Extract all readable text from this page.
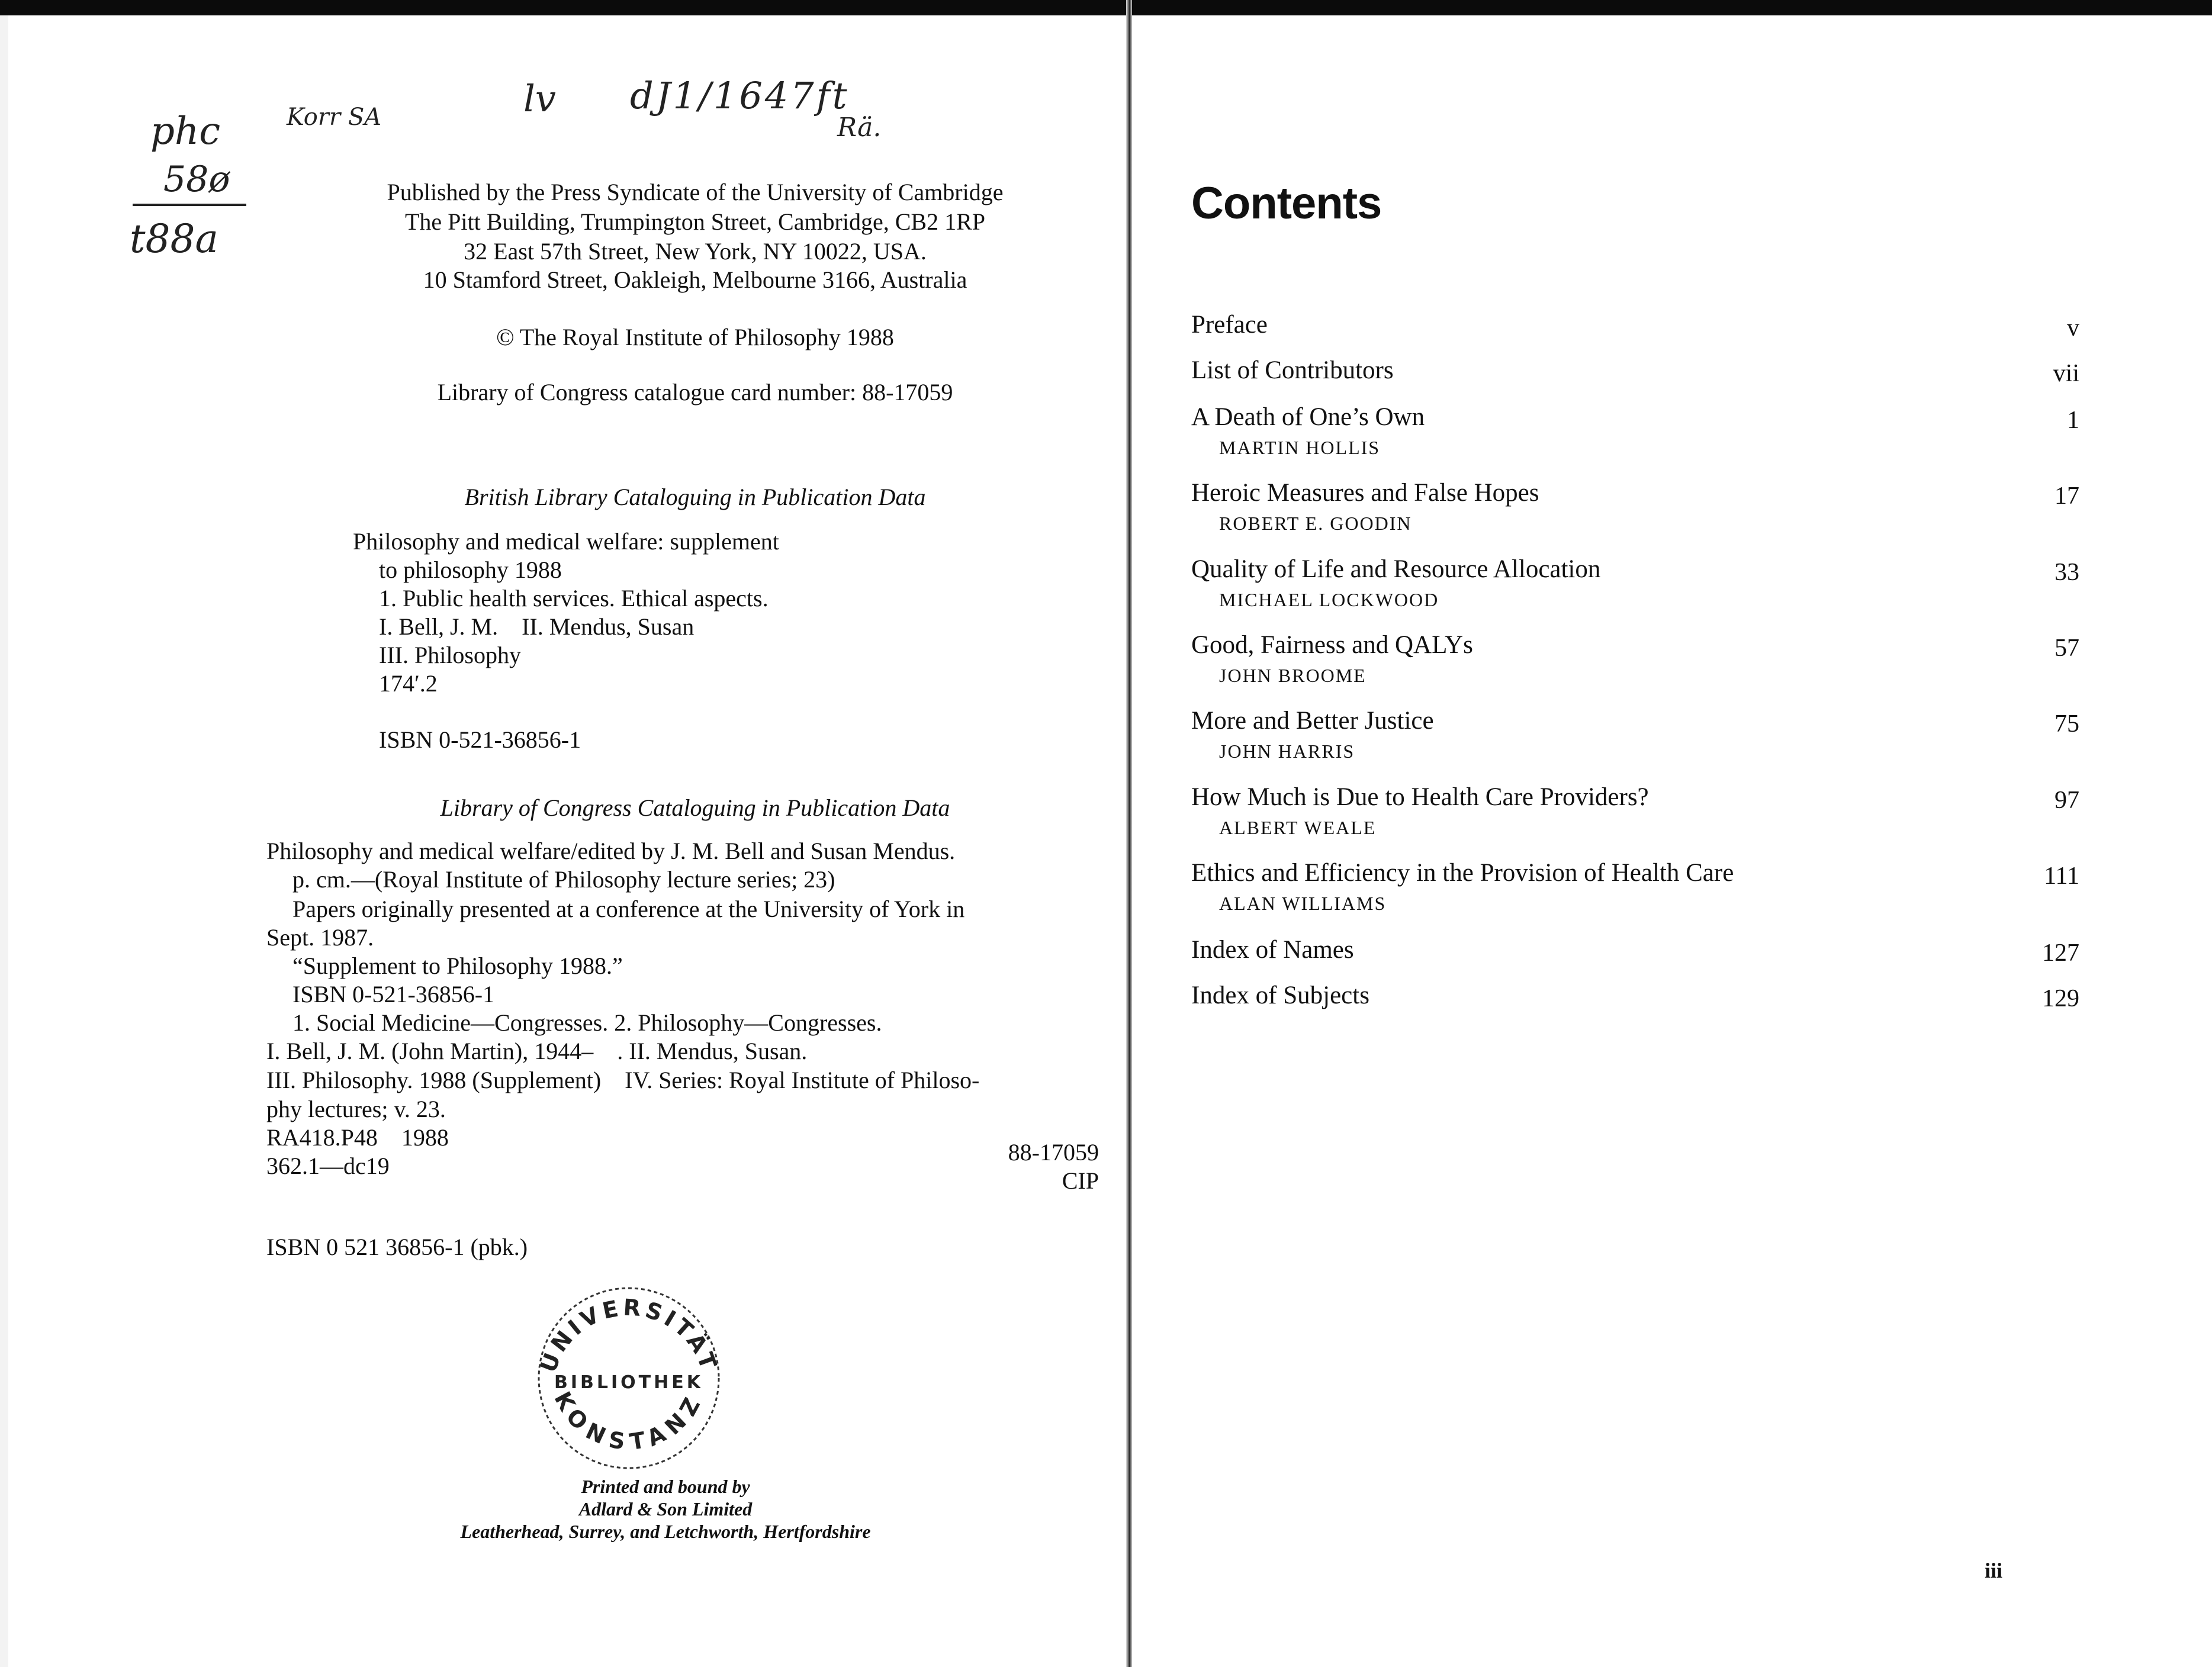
phc
58ø
t88a
Korr SA	lv dJ1/1647ft
Rä.
Published by the Press Syndicate of the University of Cambridge
The Pitt Building, Trumpington Street, Cambridge, CB2 1RP
32 East 57th Street, New York, NY 10022, USA.
10 Stamford Street, Oakleigh, Melbourne 3166, Australia
© The Royal Institute of Philosophy 1988
Library of Congress catalogue card number: 88-17059
British Library Cataloguing in Publication Data
Philosophy and medical welfare: supplement
to philosophy 1988
1. Public health services. Ethical aspects.
I. Bell, J. M.    II. Mendus, Susan
III. Philosophy
174′.2
ISBN 0-521-36856-1
Library of Congress Cataloguing in Publication Data
Philosophy and medical welfare/edited by J. M. Bell and Susan Mendus.
p. cm.—(Royal Institute of Philosophy lecture series; 23)
Papers originally presented at a conference at the University of York in
Sept. 1987.
“Supplement to Philosophy 1988.”
ISBN 0-521-36856-1
1. Social Medicine—Congresses. 2. Philosophy—Congresses.
I. Bell, J. M. (John Martin), 1944–    . II. Mendus, Susan.
III. Philosophy. 1988 (Supplement)    IV. Series: Royal Institute of Philoso-
phy lectures; v. 23.
RA418.P48    1988
362.1—dc19
88-17059
CIP
ISBN 0 521 36856-1 (pbk.)
UNIVERSITÄT
BIBLIOTHEK
KONSTANZ
Printed and bound by
Adlard & Son Limited
Leatherhead, Surrey, and Letchworth, Hertfordshire
Contents
Preface	v
List of Contributors	vii
A Death of One’s Own	1
MARTIN HOLLIS
Heroic Measures and False Hopes	17
ROBERT E. GOODIN
Quality of Life and Resource Allocation	33
MICHAEL LOCKWOOD
Good, Fairness and QALYs	57
JOHN BROOME
More and Better Justice	75
JOHN HARRIS
How Much is Due to Health Care Providers?	97
ALBERT WEALE
Ethics and Efficiency in the Provision of Health Care	111
ALAN WILLIAMS
Index of Names	127
Index of Subjects	129
iii
